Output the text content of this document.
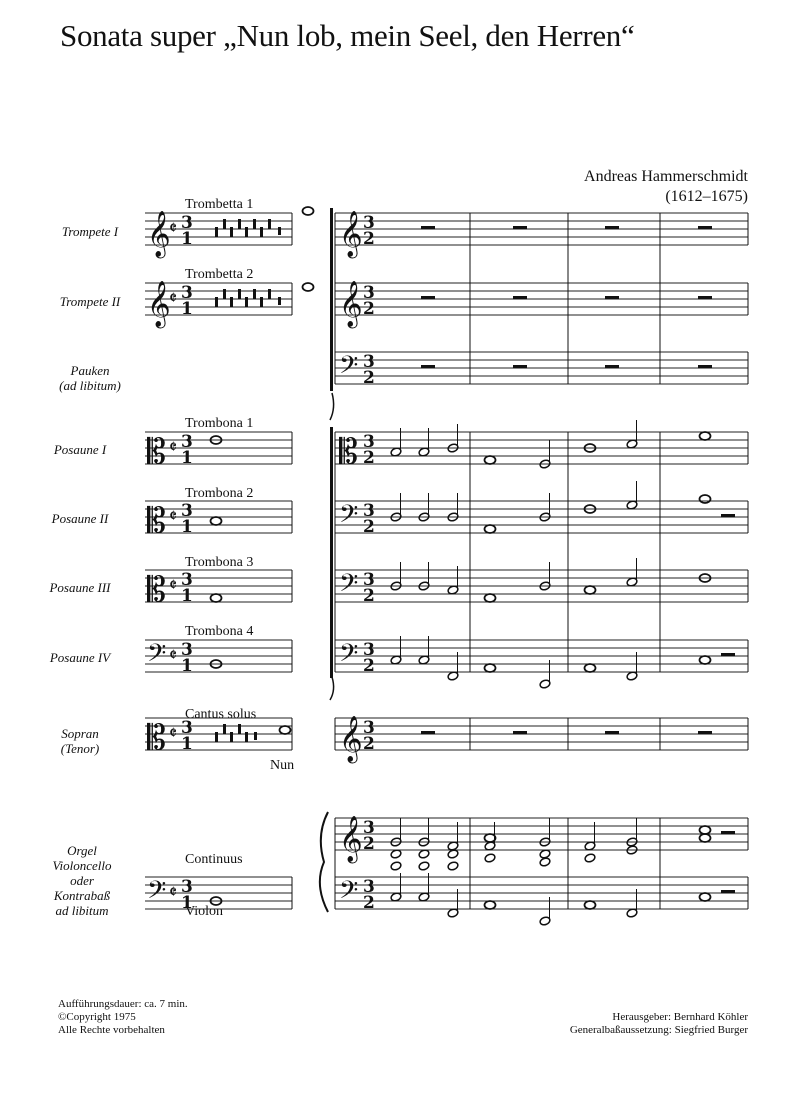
Sonata super „Nun lob, mein Seel, den Herren“
Andreas Hammerschmidt
(1612–1675)
Trompete I
Trompete II
Pauken
(ad libitum)
Posaune I
Posaune II
Posaune III
Posaune IV
Sopran
(Tenor)
Orgel
Violoncello
oder
Kontrabaß
ad libitum
Trombetta 1
Trombetta 2
Trombona 1
Trombona 2
Trombona 3
Trombona 4
Cantus solus
Nun
Continuus
Violon
Aufführungsdauer: ca. 7 min.
©Copyright 1975
Alle Rechte vorbehalten
Herausgeber: Bernhard Köhler
Generalbaßaussetzung: Siegfried Burger
𝄞
𝄵 3
1
𝄞
𝄵 3
1
𝄡 𝄵 3
1
𝄡 𝄵 3
1
𝄡 𝄵 3
1
𝄢 𝄵 3
1
𝄡 𝄵 3
1
𝄢 𝄵 3
1
𝄞 3
2
𝄞 3
2
𝄢 3
2
𝄡 3
2
𝄢 3
2
𝄢 3
2
𝄢 3
2
𝄞 3
2
𝄞 3
2
𝄢 3
2
